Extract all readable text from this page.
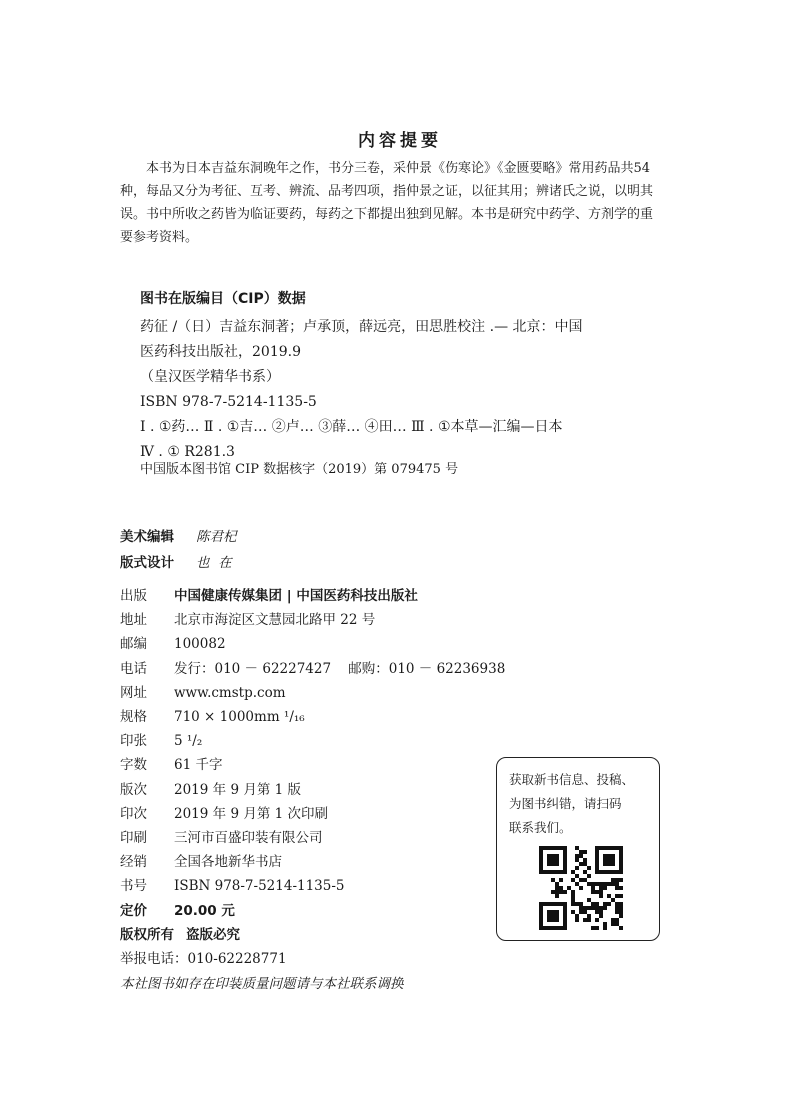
内容提要
本书为日本吉益东洞晚年之作，书分三卷，采仲景《伤寒论》《金匮要略》常用药品共54
种，每品又分为考征、互考、辨流、品考四项，指仲景之证，以征其用；辨诸氏之说，以明其
误。书中所收之药皆为临证要药，每药之下都提出独到见解。本书是研究中药学、方剂学的重
要参考资料。
图书在版编目（CIP）数据
药征 /（日）吉益东洞著；卢承顶，薛远亮，田思胜校注 .— 北京：中国
医药科技出版社，2019.9
（皇汉医学精华书系）
ISBN 978-7-5214-1135-5
Ⅰ . ①药… Ⅱ . ①吉… ②卢… ③薛… ④田… Ⅲ . ①本草—汇编—日本
Ⅳ . ① R281.3
中国版本图书馆 CIP 数据核字（2019）第 079475 号
美术编辑 陈君杞
版式设计 也  在
出版 中国健康传媒集团 | 中国医药科技出版社
地址 北京市海淀区文慧园北路甲 22 号
邮编 100082
电话 发行：010 － 62227427    邮购：010 － 62236938
网址 www.cmstp.com
规格 710 × 1000mm ¹/₁₆
印张 5 ¹/₂
字数 61 千字
版次 2019 年 9 月第 1 版
印次 2019 年 9 月第 1 次印刷
印刷 三河市百盛印装有限公司
经销 全国各地新华书店
书号 ISBN 978-7-5214-1135-5
定价 20.00 元
版权所有 盗版必究
举报电话：010-62228771
本社图书如存在印装质量问题请与本社联系调换
获取新书信息、投稿、
为图书纠错，请扫码
联系我们。
